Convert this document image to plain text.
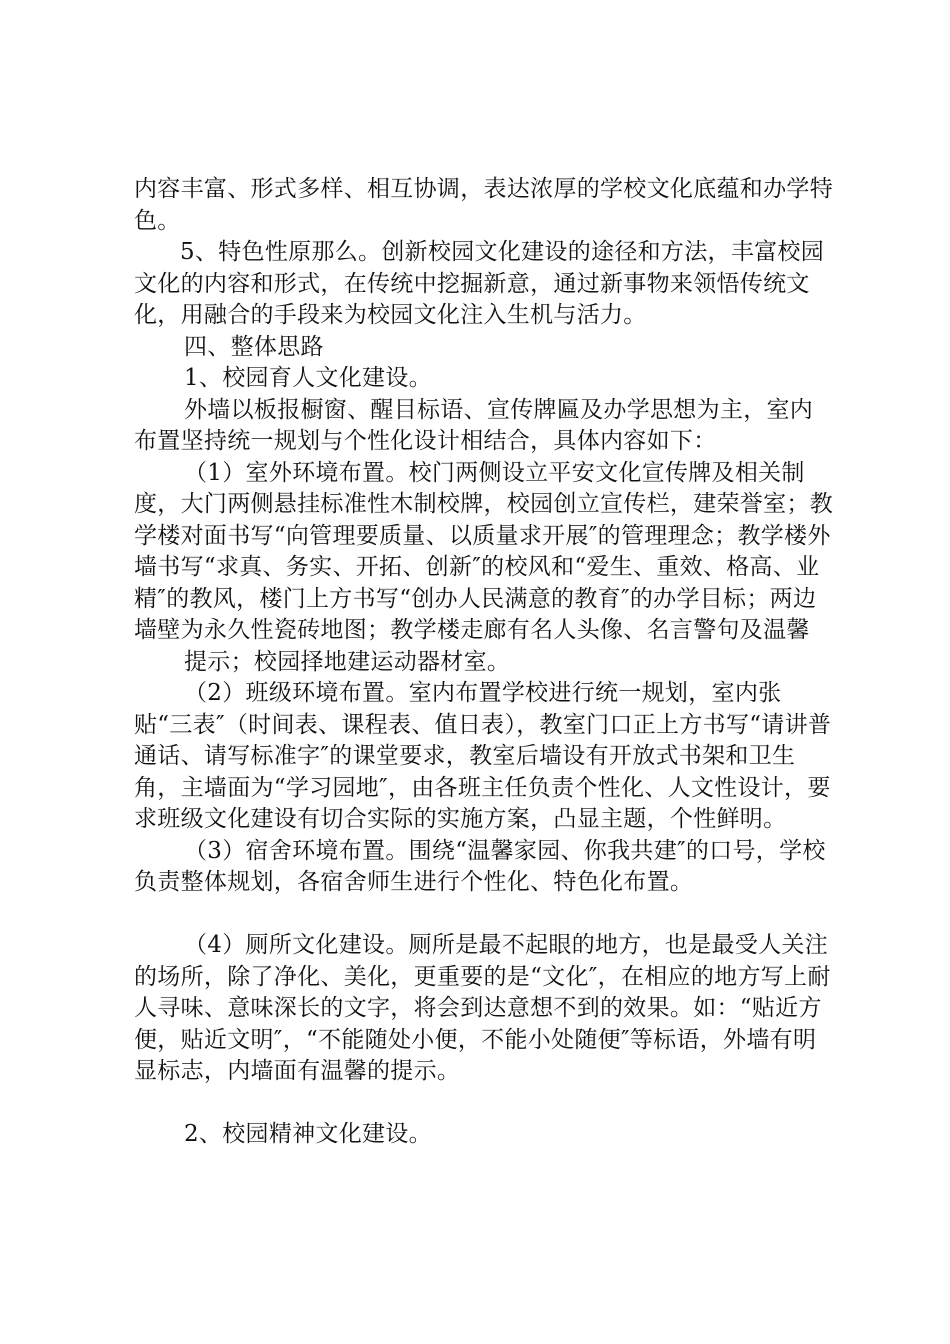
内容丰富、形式多样、相互协调，表达浓厚的学校文化底蕴和办学特色。

5、特色性原那么。创新校园文化建设的途径和方法，丰富校园文化的内容和形式，在传统中挖掘新意，通过新事物来领悟传统文化，用融合的手段来为校园文化注入生机与活力。

四、整体思路

1、校园育人文化建设。

外墙以板报橱窗、醒目标语、宣传牌匾及办学思想为主，室内布置坚持统一规划与个性化设计相结合，具体内容如下：

（1）室外环境布置。校门两侧设立平安文化宣传牌及相关制度，大门两侧悬挂标准性木制校牌，校园创立宣传栏，建荣誉室；教学楼对面书写“向管理要质量、以质量求开展″的管理理念；教学楼外墙书写“求真、务实、开拓、创新″的校风和“爱生、重效、格高、业精″的教风，楼门上方书写“创办人民满意的教育″的办学目标；两边墙壁为永久性瓷砖地图；教学楼走廊有名人头像、名言警句及温馨

提示；校园择地建运动器材室。

（2）班级环境布置。室内布置学校进行统一规划，室内张贴“三表″（时间表、课程表、值日表），教室门口正上方书写“请讲普通话、请写标准字″的课堂要求，教室后墙设有开放式书架和卫生角，主墙面为“学习园地″，由各班主任负责个性化、人文性设计，要求班级文化建设有切合实际的实施方案，凸显主题，个性鲜明。

（3）宿舍环境布置。围绕“温馨家园、你我共建″的口号，学校负责整体规划，各宿舍师生进行个性化、特色化布置。

（4）厕所文化建设。厕所是最不起眼的地方，也是最受人关注的场所，除了净化、美化，更重要的是“文化″，在相应的地方写上耐人寻味、意味深长的文字，将会到达意想不到的效果。如：“贴近方便，贴近文明″，“不能随处小便，不能小处随便″等标语，外墙有明显标志，内墙面有温馨的提示。

2、校园精神文化建设。
